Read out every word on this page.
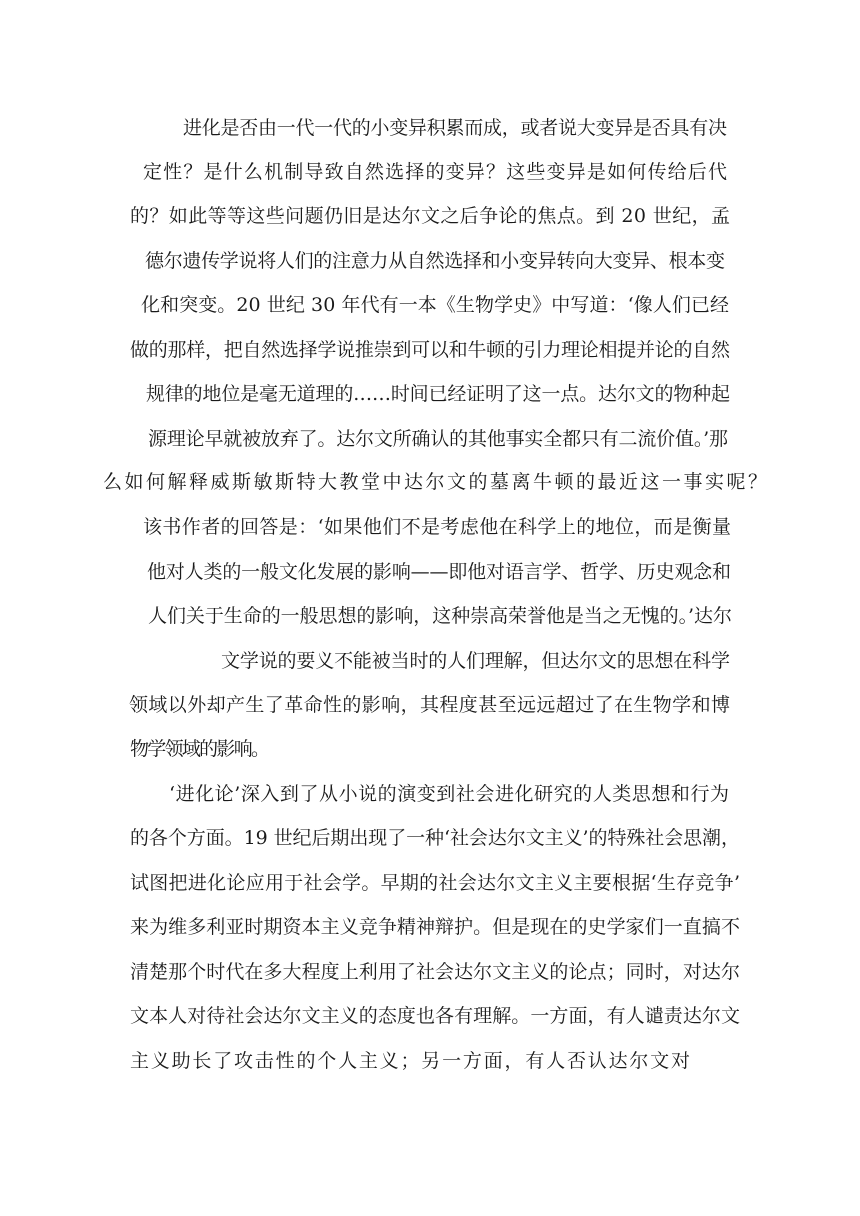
进化是否由一代一代的小变异积累而成，或者说大变异是否具有决
定性？是什么机制导致自然选择的变异？这些变异是如何传给后代
的？如此等等这些问题仍旧是达尔文之后争论的焦点。到 20 世纪，孟
德尔遗传学说将人们的注意力从自然选择和小变异转向大变异、根本变
化和突变。20 世纪 30 年代有一本《生物学史》中写道：‘像人们已经
做的那样，把自然选择学说推崇到可以和牛顿的引力理论相提并论的自然
规律的地位是毫无道理的……时间已经证明了这一点。达尔文的物种起
源理论早就被放弃了。达尔文所确认的其他事实全都只有二流价值。’那
么如何解释威斯敏斯特大教堂中达尔文的墓离牛顿的最近这一事实呢？
该书作者的回答是：‘如果他们不是考虑他在科学上的地位，而是衡量
他对人类的一般文化发展的影响——即他对语言学、哲学、历史观念和
人们关于生命的一般思想的影响，这种崇高荣誉他是当之无愧的。’达尔
文学说的要义不能被当时的人们理解，但达尔文的思想在科学
领域以外却产生了革命性的影响，其程度甚至远远超过了在生物学和博
物学领域的影响。
‘进化论’深入到了从小说的演变到社会进化研究的人类思想和行为
的各个方面。19 世纪后期出现了一种‘社会达尔文主义’的特殊社会思潮，
试图把进化论应用于社会学。早期的社会达尔文主义主要根据‘生存竞争’
来为维多利亚时期资本主义竞争精神辩护。但是现在的史学家们一直搞不
清楚那个时代在多大程度上利用了社会达尔文主义的论点；同时，对达尔
文本人对待社会达尔文主义的态度也各有理解。一方面，有人谴责达尔文
主义助长了攻击性的个人主义；另一方面，有人否认达尔文对
